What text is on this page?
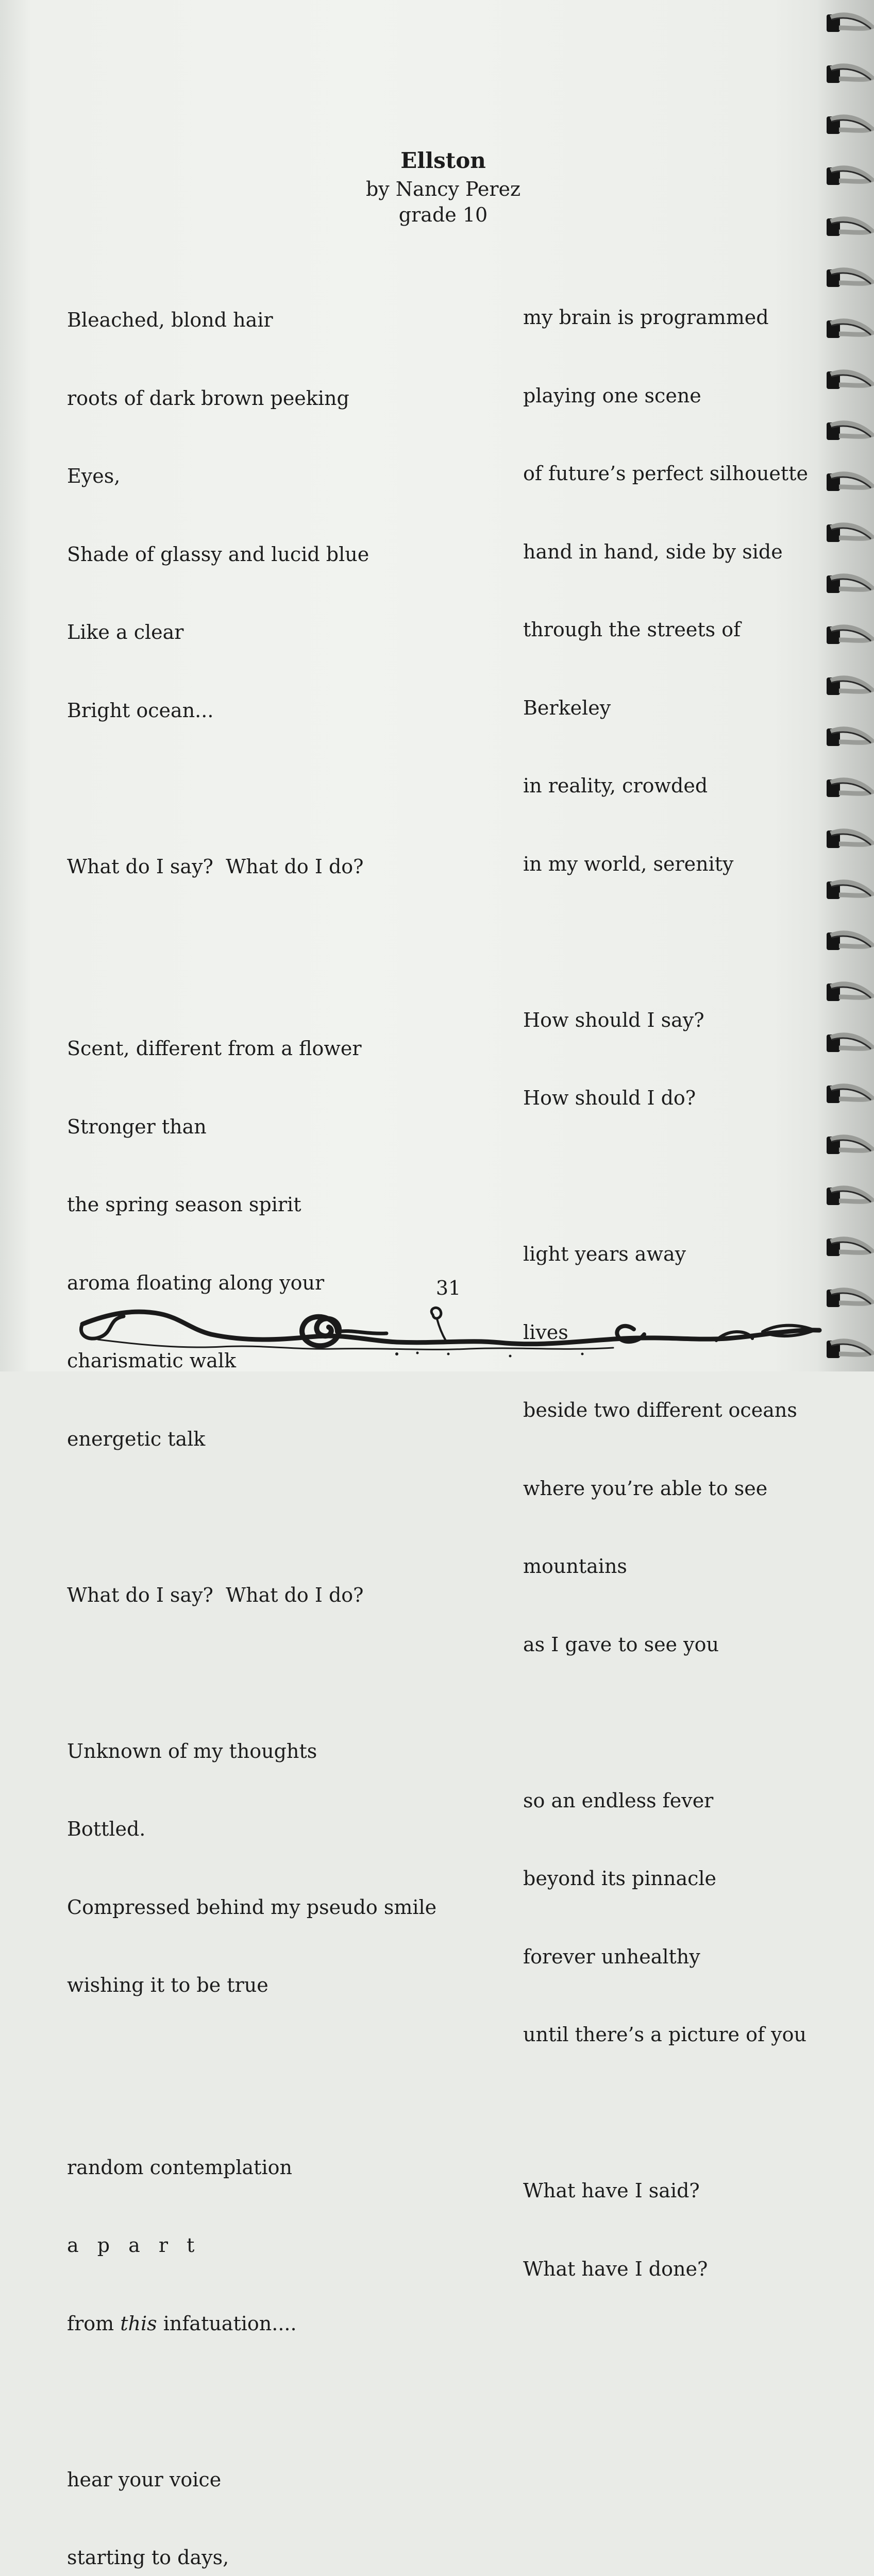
Ellston
by Nancy Perez
grade 10

Bleached, blond hair

roots of dark brown peeking

Eyes,

Shade of glassy and lucid blue

Like a clear

Bright ocean...

What do I say?  What do I do?

Scent, different from a flower

Stronger than

the spring season spirit

aroma floating along your

charismatic walk

energetic talk

What do I say?  What do I do?

Unknown of my thoughts

Bottled.

Compressed behind my pseudo smile

wishing it to be true

random contemplation

a p a r t

from this infatuation....

hear your voice

starting to days,

my brain is programmed

playing one scene

of future’s perfect silhouette

hand in hand, side by side

through the streets of

Berkeley

in reality, crowded

in my world, serenity

How should I say?

How should I do?

light years away

lives

beside two different oceans

where you’re able to see

mountains

as I gave to see you

so an endless fever

beyond its pinnacle

forever unhealthy

until there’s a picture of you

What have I said?

What have I done?

31
